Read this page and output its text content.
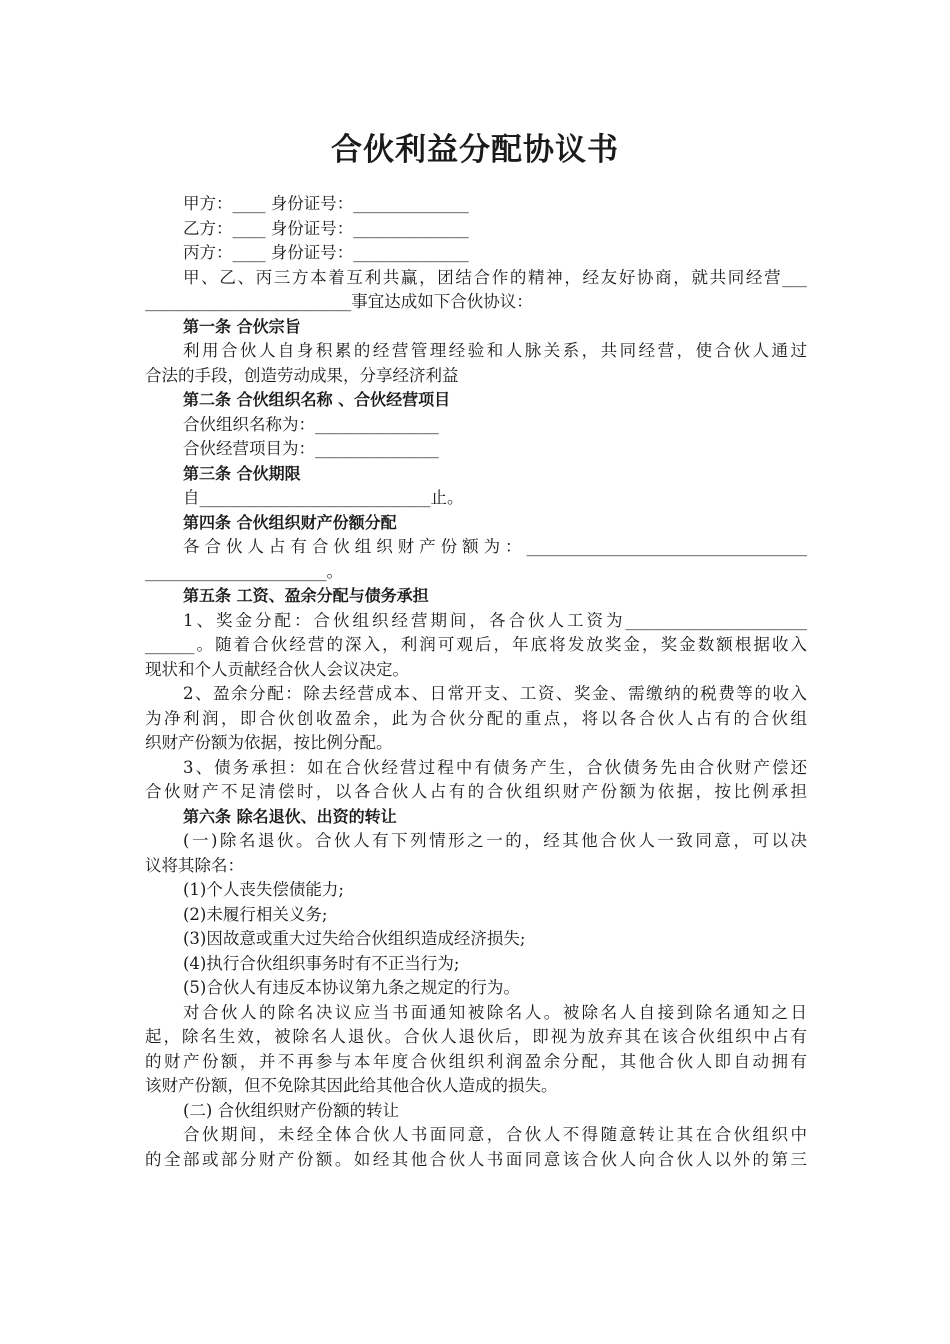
合伙利益分配协议书
甲方：____ 身份证号：______________
乙方：____ 身份证号：______________
丙方：____ 身份证号：______________
甲、乙、丙三方本着互利共赢，团结合作的精神，经友好协商，就共同经营___
_________________________事宜达成如下合伙协议：
第一条 合伙宗旨
利用合伙人自身积累的经营管理经验和人脉关系，共同经营，使合伙人通过
合法的手段，创造劳动成果，分享经济利益
第二条 合伙组织名称 、合伙经营项目
合伙组织名称为：_______________
合伙经营项目为：_______________
第三条 合伙期限
自____________________________止。
第四条 合伙组织财产份额分配
各合伙人占有合伙组织财产份额为：__________________________________
______________________。
第五条 工资、盈余分配与债务承担
1、奖金分配：合伙组织经营期间，各合伙人工资为______________________
______。随着合伙经营的深入，利润可观后，年底将发放奖金，奖金数额根据收入
现状和个人贡献经合伙人会议决定。
2、盈余分配：除去经营成本、日常开支、工资、奖金、需缴纳的税费等的收入
为净利润，即合伙创收盈余，此为合伙分配的重点，将以各合伙人占有的合伙组
织财产份额为依据，按比例分配。
3、债务承担：如在合伙经营过程中有债务产生，合伙债务先由合伙财产偿还
合伙财产不足清偿时，以各合伙人占有的合伙组织财产份额为依据，按比例承担
第六条 除名退伙、出资的转让
(一)除名退伙。合伙人有下列情形之一的，经其他合伙人一致同意，可以决
议将其除名：
(1)个人丧失偿债能力;
(2)未履行相关义务;
(3)因故意或重大过失给合伙组织造成经济损失;
(4)执行合伙组织事务时有不正当行为;
(5)合伙人有违反本协议第九条之规定的行为。
对合伙人的除名决议应当书面通知被除名人。被除名人自接到除名通知之日
起，除名生效，被除名人退伙。合伙人退伙后，即视为放弃其在该合伙组织中占有
的财产份额，并不再参与本年度合伙组织利润盈余分配，其他合伙人即自动拥有
该财产份额，但不免除其因此给其他合伙人造成的损失。
(二) 合伙组织财产份额的转让
合伙期间，未经全体合伙人书面同意，合伙人不得随意转让其在合伙组织中
的全部或部分财产份额。如经其他合伙人书面同意该合伙人向合伙人以外的第三
